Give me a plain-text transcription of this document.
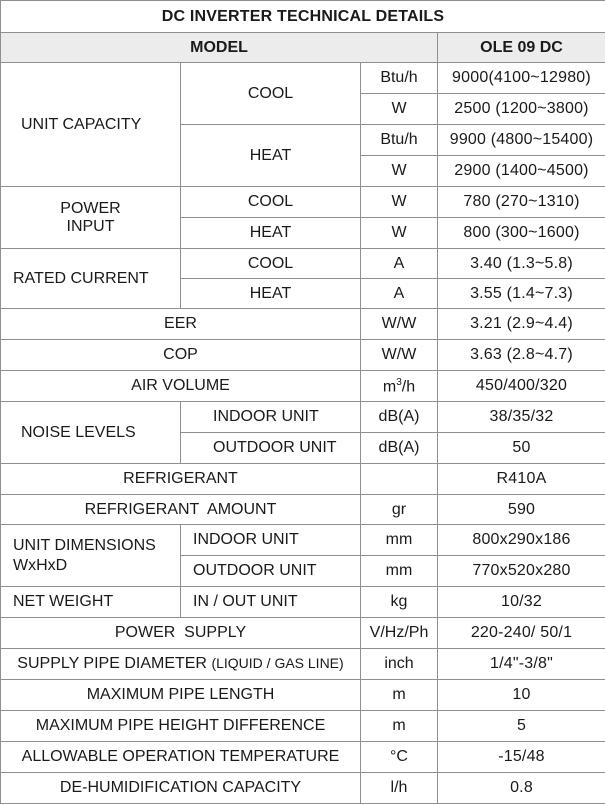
DC INVERTER TECHNICAL DETAILS			
MODEL			OLE 09 DC
UNIT CAPACITY	COOL	Btu/h	9000(4100~12980)
		W	2500 (1200~3800)
	HEAT	Btu/h	9900 (4800~15400)
		W	2900 (1400~4500)
POWER INPUT	COOL	W	780 (270~1310)
	HEAT	W	800 (300~1600)
RATED CURRENT	COOL	A	3.40 (1.3~5.8)
	HEAT	A	3.55 (1.4~7.3)
EER		W/W	3.21 (2.9~4.4)
COP		W/W	3.63 (2.8~4.7)
AIR VOLUME		$m^3/h$	450/400/320
NOISE LEVELS	INDOOR UNIT	dB(A)	38/35/32
	OUTDOOR UNIT	dB(A)	50
REFRIGERANT			R410A
REFRIGERANT  AMOUNT		gr	590
UNIT DIMENSIONS WxHxD	INDOOR UNIT	mm	800x290x186
	OUTDOOR UNIT	mm	770x520x280
NET WEIGHT	IN / OUT UNIT	kg	10/32
POWER  SUPPLY		V/Hz/Ph	220-240/ 50/1
SUPPLY PIPE DIAMETER (LIQUID / GAS LINE)		inch	1/4"-3/8"
MAXIMUM PIPE LENGTH		m	10
MAXIMUM PIPE HEIGHT DIFFERENCE		m	5
ALLOWABLE OPERATION TEMPERATURE		°C	-15/48
DE-HUMIDIFICATION CAPACITY		l/h	0.8
